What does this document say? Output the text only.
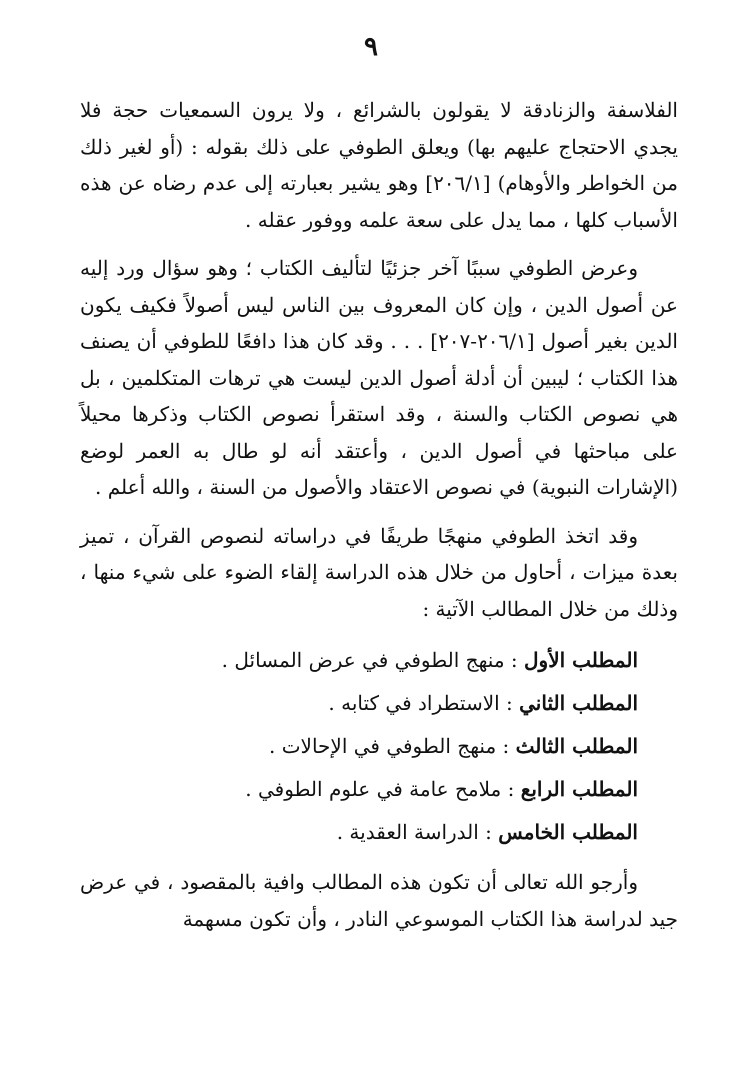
٩

الفلاسفة والزنادقة لا يقولون بالشرائع ، ولا يرون السمعيات حجة فلا يجدي الاحتجاج عليهم بها) ويعلق الطوفي على ذلك بقوله : (أو لغير ذلك من الخواطر والأوهام) [٢٠٦/١] وهو يشير بعبارته إلى عدم رضاه عن هذه الأسباب كلها ، مما يدل على سعة علمه ووفور عقله .

وعرض الطوفي سببًا آخر جزئيًا لتأليف الكتاب ؛ وهو سؤال ورد إليه عن أصول الدين ، وإن كان المعروف بين الناس ليس أصولاً فكيف يكون الدين بغير أصول [٢٠٦/١-٢٠٧] . . . وقد كان هذا دافعًا للطوفي أن يصنف هذا الكتاب ؛ ليبين أن أدلة أصول الدين ليست هي ترهات المتكلمين ، بل هي نصوص الكتاب والسنة ، وقد استقرأ نصوص الكتاب وذكرها محيلاً على مباحثها في أصول الدين ، وأعتقد أنه لو طال به العمر لوضع (الإشارات النبوية) في نصوص الاعتقاد والأصول من السنة ، والله أعلم .

وقد اتخذ الطوفي منهجًا طريفًا في دراساته لنصوص القرآن ، تميز بعدة ميزات ، أحاول من خلال هذه الدراسة إلقاء الضوء على شيء منها ، وذلك من خلال المطالب الآتية :

المطلب الأول : منهج الطوفي في عرض المسائل .
المطلب الثاني : الاستطراد في كتابه .
المطلب الثالث : منهج الطوفي في الإحالات .
المطلب الرابع : ملامح عامة في علوم الطوفي .
المطلب الخامس : الدراسة العقدية .

وأرجو الله تعالى أن تكون هذه المطالب وافية بالمقصود ، في عرض جيد لدراسة هذا الكتاب الموسوعي النادر ، وأن تكون مسهمة
